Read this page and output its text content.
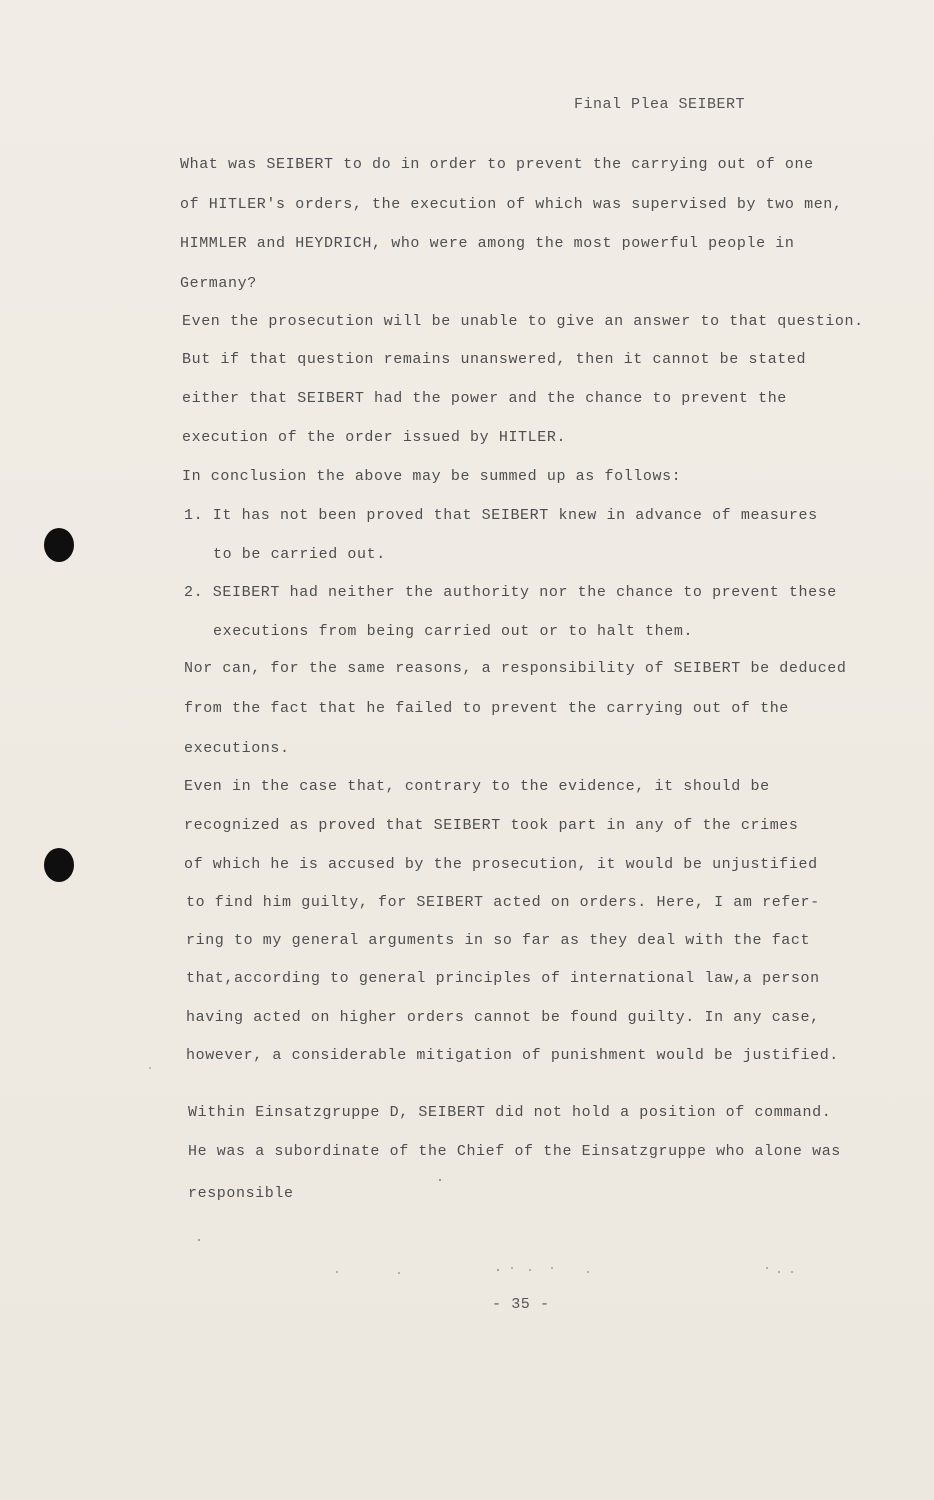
Final Plea SEIBERT
What was SEIBERT to do in order to prevent the carrying out of one
of HITLER's orders, the execution of which was supervised by two men,
HIMMLER and HEYDRICH, who were among the most powerful people in
Germany?
Even the prosecution will be unable to give an answer to that question.
But if that question remains unanswered, then it cannot be stated
either that SEIBERT had the power and the chance to prevent the
execution of the order issued by HITLER.
In conclusion the above may be summed up as follows:
1. It has not been proved that SEIBERT knew in advance of measures
to be carried out.
2. SEIBERT had neither the authority nor the chance to prevent these
executions from being carried out or to halt them.
Nor can, for the same reasons, a responsibility of SEIBERT be deduced
from the fact that he failed to prevent the carrying out of the
executions.
Even in the case that, contrary to the evidence, it should be
recognized as proved that SEIBERT took part in any of the crimes
of which he is accused by the prosecution, it would be unjustified
to find him guilty, for SEIBERT acted on orders. Here, I am refer-
ring to my general arguments in so far as they deal with the fact
that,according to general principles of international law,a person
having acted on higher orders cannot be found guilty. In any case,
however, a considerable mitigation of punishment would be justified.
Within Einsatzgruppe D, SEIBERT did not hold a position of command.
He was a subordinate of the Chief of the Einsatzgruppe who alone was
responsible
- 35 -
